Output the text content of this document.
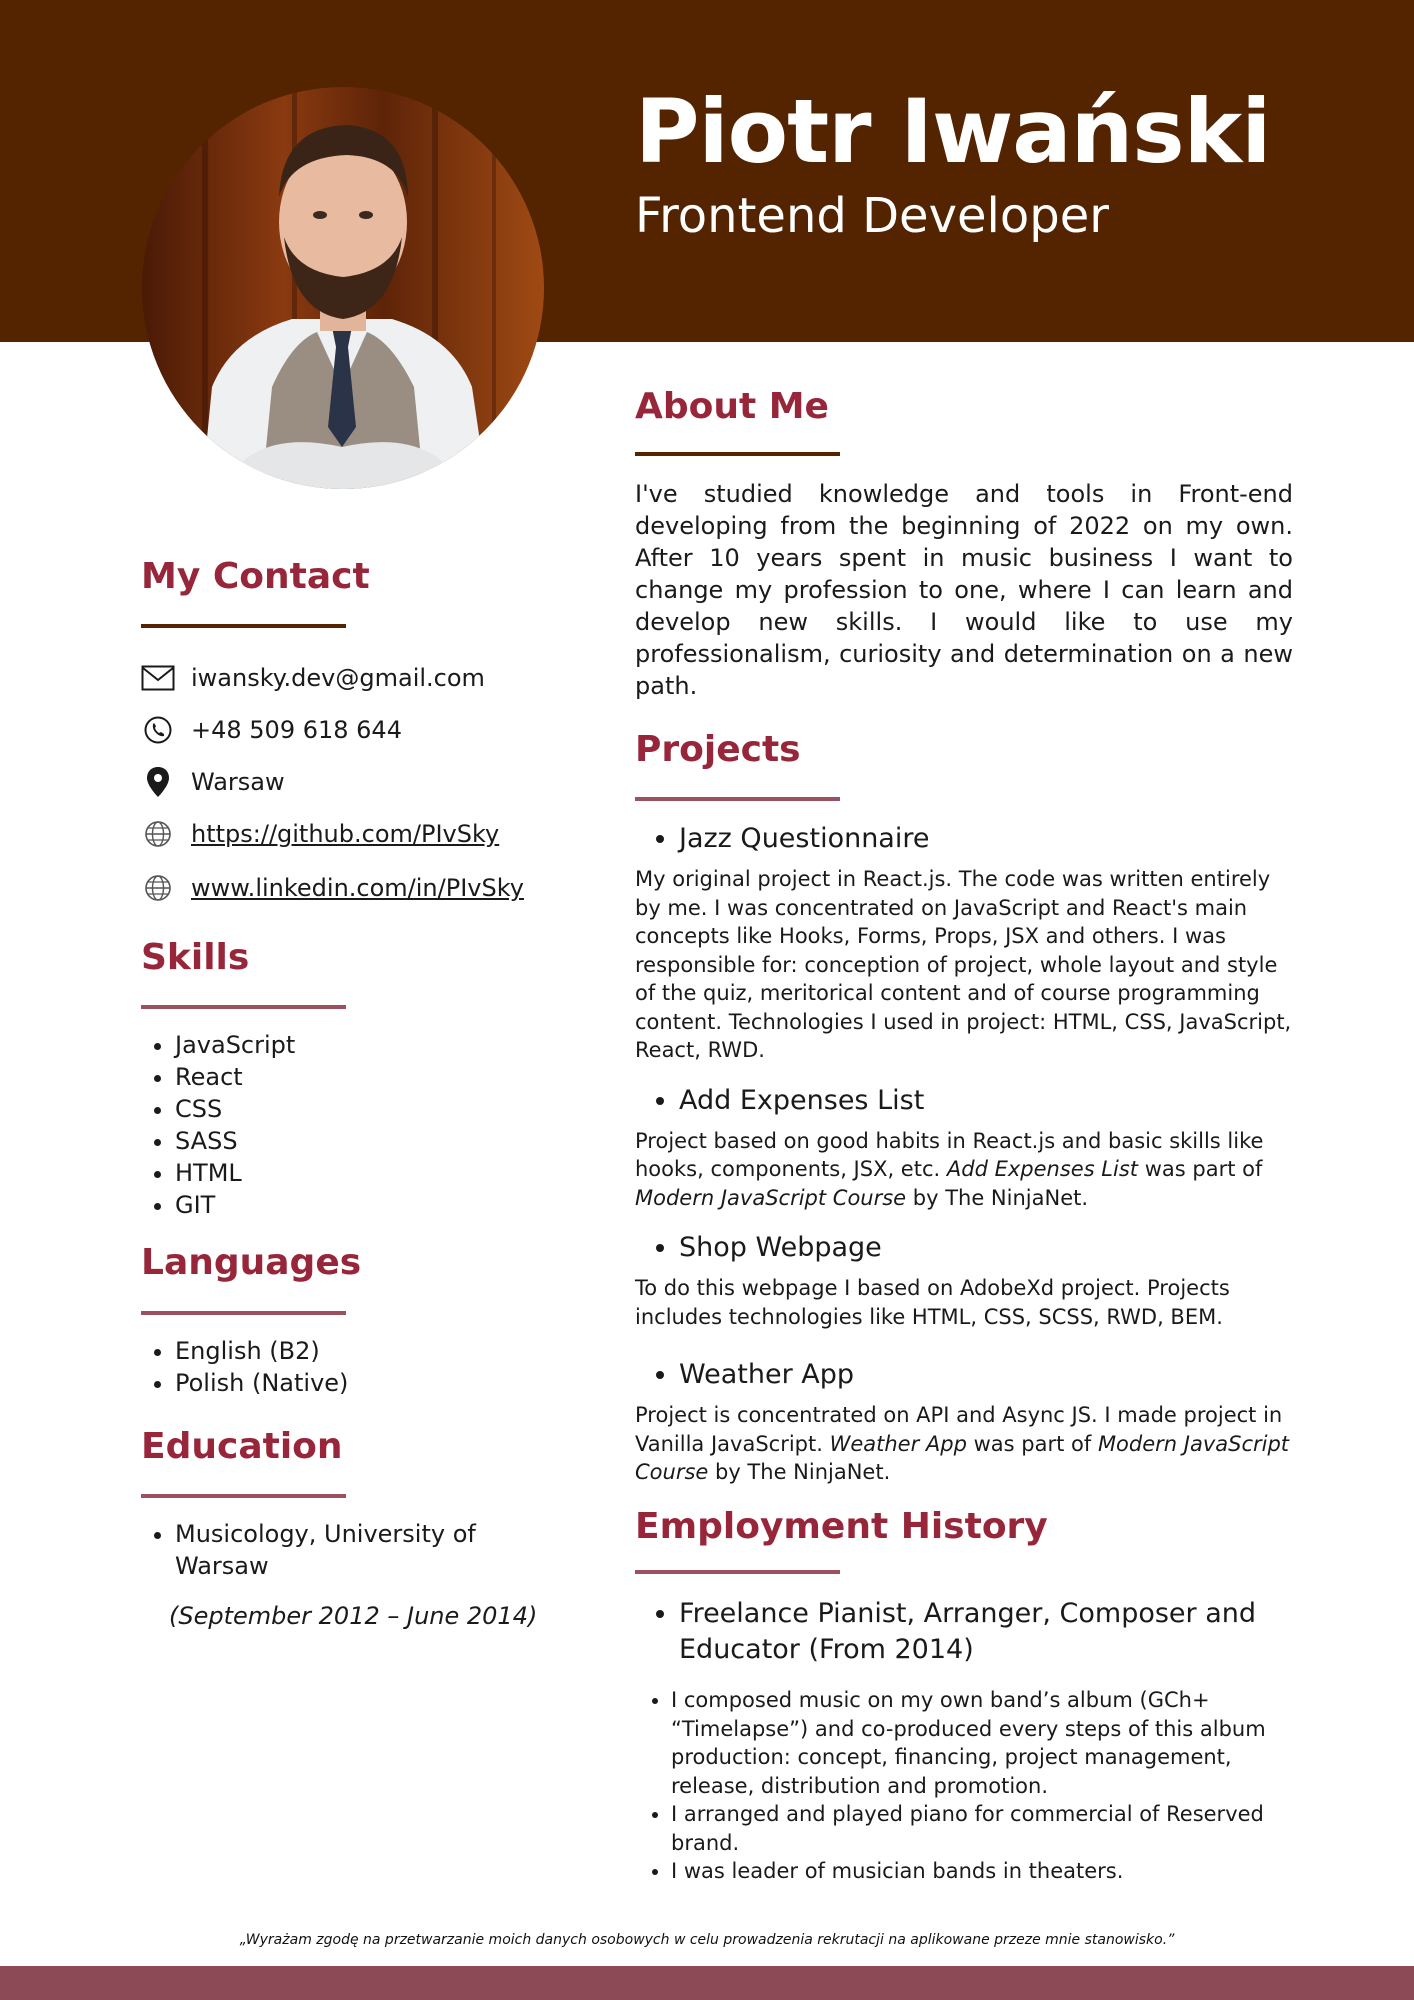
Piotr Iwański

Frontend Developer

My Contact
iwansky.dev@gmail.com
+48 509 618 644
Warsaw
https://github.com/PIvSky
www.linkedin.com/in/PIvSky
Skills
• JavaScript
• React
• CSS
• SASS
• HTML
• GIT
Languages
• English (B2)
• Polish (Native)
Education
• Musicology, University of Warsaw
(September 2012 – June 2014)
About Me

I've studied knowledge and tools in Front-end developing from the beginning of 2022 on my own. After 10 years spent in music business I want to change my profession to one, where I can learn and develop new skills. I would like to use my professionalism, curiosity and determination on a new path.

Projects
• Jazz Questionnaire

My original project in React.js. The code was written entirely by me. I was concentrated on JavaScript and React's main concepts like Hooks, Forms, Props, JSX and others. I was responsible for: conception of project, whole layout and style of the quiz, meritorical content and of course programming content. Technologies I used in project: HTML, CSS, JavaScript, React, RWD.

• Add Expenses List

Project based on good habits in React.js and basic skills like hooks, components, JSX, etc. Add Expenses List was part of
Modern JavaScript Course by The NinjaNet.

• Shop Webpage

To do this webpage I based on AdobeXd project. Projects includes technologies like HTML, CSS, SCSS, RWD, BEM.

• Weather App

Project is concentrated on API and Async JS. I made project in Vanilla JavaScript. Weather App was part of Modern JavaScript Course by The NinjaNet.

Employment History
• Freelance Pianist, Arranger, Composer and Educator (From 2014)
• I composed music on my own band’s album (GCh+ “Timelapse”) and co-produced every steps of this album production: concept, financing, project management, release, distribution and promotion.
• I arranged and played piano for commercial of Reserved brand.
• I was leader of musician bands in theaters.
„Wyrażam zgodę na przetwarzanie moich danych osobowych w celu prowadzenia rekrutacji na aplikowane przeze mnie stanowisko.”
